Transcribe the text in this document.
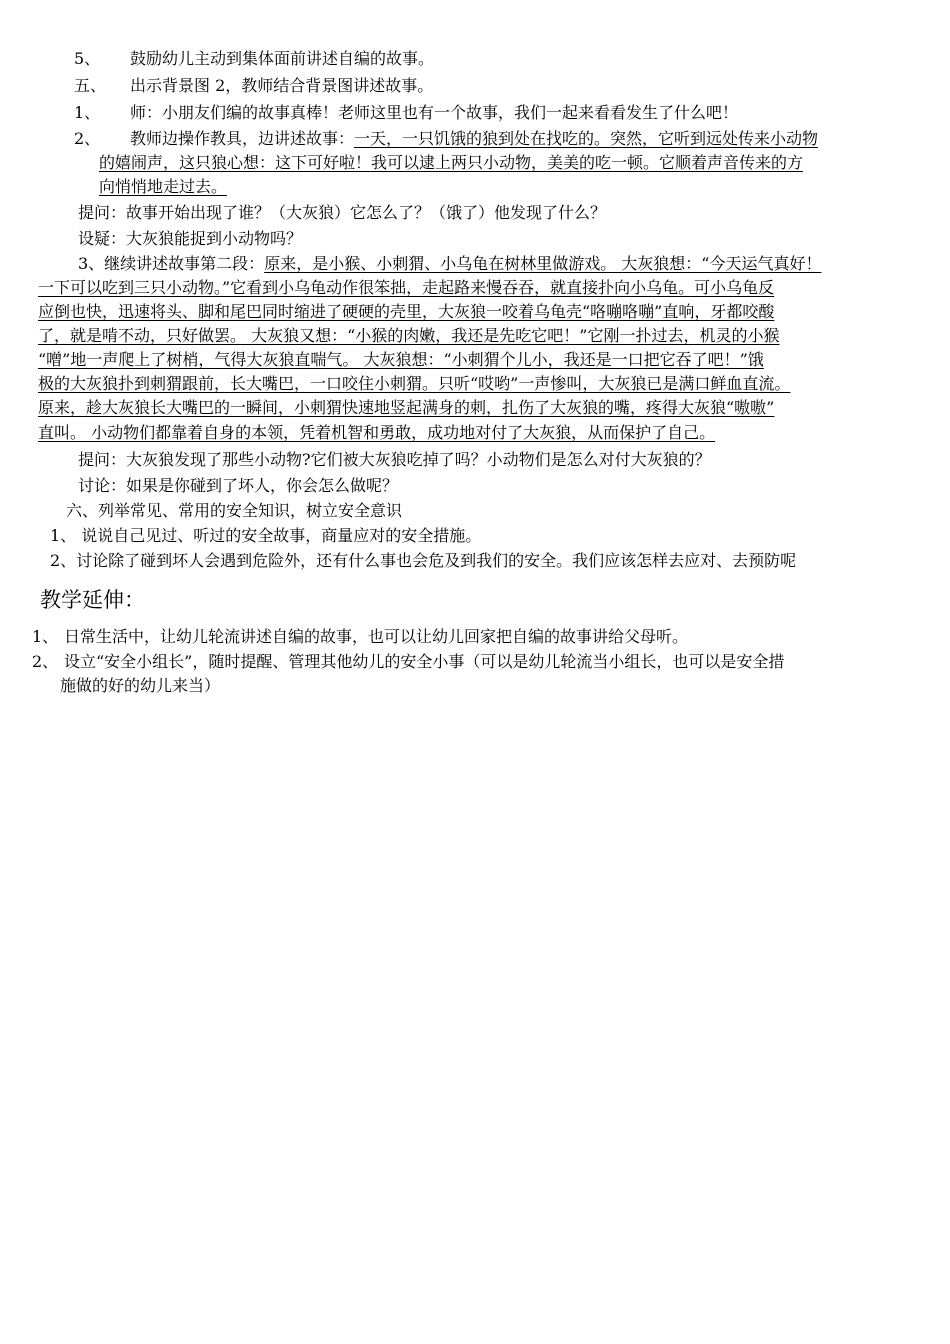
5、 鼓励幼儿主动到集体面前讲述自编的故事。
五、 出示背景图 2，教师结合背景图讲述故事。
1、 师：小朋友们编的故事真棒！老师这里也有一个故事，我们一起来看看发生了什么吧！
2、 教师边操作教具，边讲述故事：一天，一只饥饿的狼到处在找吃的。突然，它听到远处传来小动物
的嬉闹声，这只狼心想：这下可好啦！我可以逮上两只小动物，美美的吃一顿。它顺着声音传来的方
向悄悄地走过去。
提问：故事开始出现了谁？（大灰狼）它怎么了？（饿了）他发现了什么？
设疑：大灰狼能捉到小动物吗？
3、继续讲述故事第二段：原来，是小猴、小刺猬、小乌龟在树林里做游戏。 大灰狼想：“今天运气真好！
一下可以吃到三只小动物。”它看到小乌龟动作很笨拙，走起路来慢吞吞，就直接扑向小乌龟。可小乌龟反
应倒也快，迅速将头、脚和尾巴同时缩进了硬硬的壳里，大灰狼一咬着乌龟壳“咯嘣咯嘣”直响，牙都咬酸
了，就是啃不动，只好做罢。 大灰狼又想：“小猴的肉嫩，我还是先吃它吧！”它刚一扑过去，机灵的小猴
“噌”地一声爬上了树梢，气得大灰狼直喘气。 大灰狼想：“小刺猬个儿小，我还是一口把它吞了吧！”饿
极的大灰狼扑到刺猬跟前，长大嘴巴，一口咬住小刺猬。只听“哎哟”一声惨叫，大灰狼已是满口鲜血直流。
原来，趁大灰狼长大嘴巴的一瞬间，小刺猬快速地竖起满身的刺，扎伤了大灰狼的嘴，疼得大灰狼“嗷嗷”
直叫。 小动物们都靠着自身的本领，凭着机智和勇敢，成功地对付了大灰狼，从而保护了自己。
提问：大灰狼发现了那些小动物?它们被大灰狼吃掉了吗？小动物们是怎么对付大灰狼的？
讨论：如果是你碰到了坏人，你会怎么做呢？
六、列举常见、常用的安全知识，树立安全意识
1、 说说自己见过、听过的安全故事，商量应对的安全措施。
2、讨论除了碰到坏人会遇到危险外，还有什么事也会危及到我们的安全。我们应该怎样去应对、去预防呢
教学延伸：
1、 日常生活中，让幼儿轮流讲述自编的故事，也可以让幼儿回家把自编的故事讲给父母听。
2、 设立“安全小组长”，随时提醒、管理其他幼儿的安全小事（可以是幼儿轮流当小组长，也可以是安全措
施做的好的幼儿来当）
